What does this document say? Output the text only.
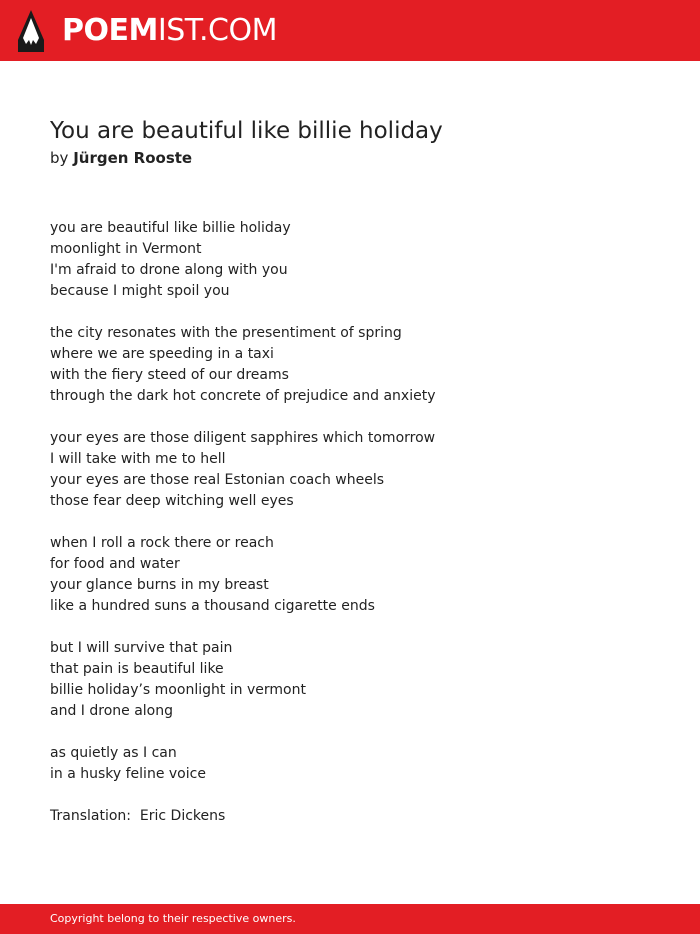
POEMIST.COM
You are beautiful like billie holiday
by Jürgen Rooste
you are beautiful like billie holiday
moonlight in Vermont
I'm afraid to drone along with you
because I might spoil you
the city resonates with the presentiment of spring
where we are speeding in a taxi
with the fiery steed of our dreams
through the dark hot concrete of prejudice and anxiety
your eyes are those diligent sapphires which tomorrow
I will take with me to hell
your eyes are those real Estonian coach wheels
those fear deep witching well eyes
when I roll a rock there or reach
for food and water
your glance burns in my breast
like a hundred suns a thousand cigarette ends
but I will survive that pain
that pain is beautiful like
billie holiday’s moonlight in vermont
and I drone along
as quietly as I can
in a husky feline voice
Translation:  Eric Dickens
Copyright belong to their respective owners.
